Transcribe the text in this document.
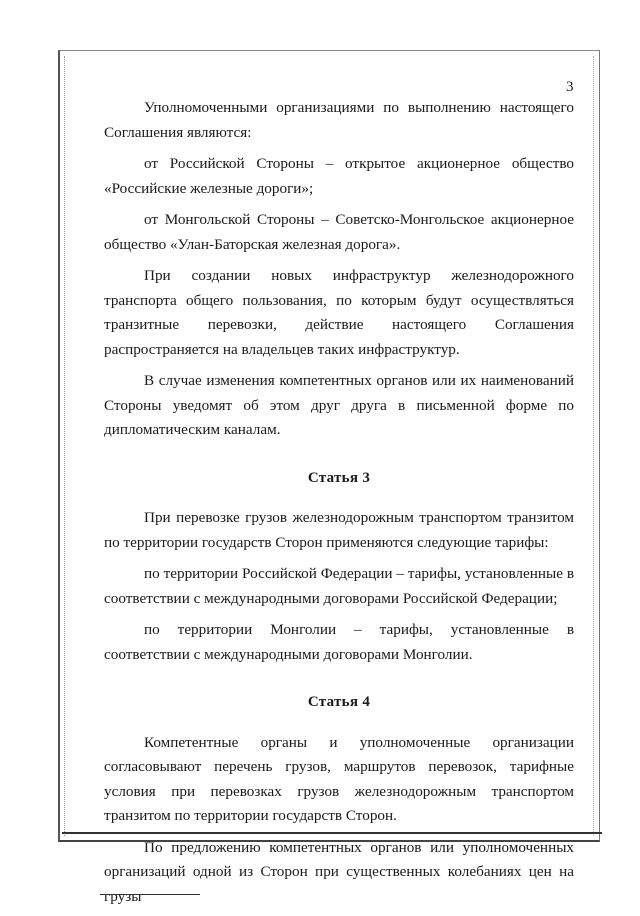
3

Уполномоченными организациями по выполнению настоящего Соглашения являются:

от Российской Стороны – открытое акционерное общество «Российские железные дороги»;

от Монгольской Стороны – Советско-Монгольское акционерное общество «Улан-Баторская железная дорога».

При создании новых инфраструктур железнодорожного транспорта общего пользования, по которым будут осуществляться транзитные перевозки, действие настоящего Соглашения распространяется на владельцев таких инфраструктур.

В случае изменения компетентных органов или их наименований Стороны уведомят об этом друг друга в письменной форме по дипломатическим каналам.

Статья 3

При перевозке грузов железнодорожным транспортом транзитом по территории государств Сторон применяются следующие тарифы:

по территории Российской Федерации – тарифы, установленные в соответствии с международными договорами Российской Федерации;

по территории Монголии – тарифы, установленные в соответствии с международными договорами Монголии.

Статья 4

Компетентные органы и уполномоченные организации согласовывают перечень грузов, маршрутов перевозок, тарифные условия при перевозках грузов железнодорожным транспортом транзитом по территории государств Сторон.

По предложению компетентных органов или уполномоченных организаций одной из Сторон при существенных колебаниях цен на грузы
